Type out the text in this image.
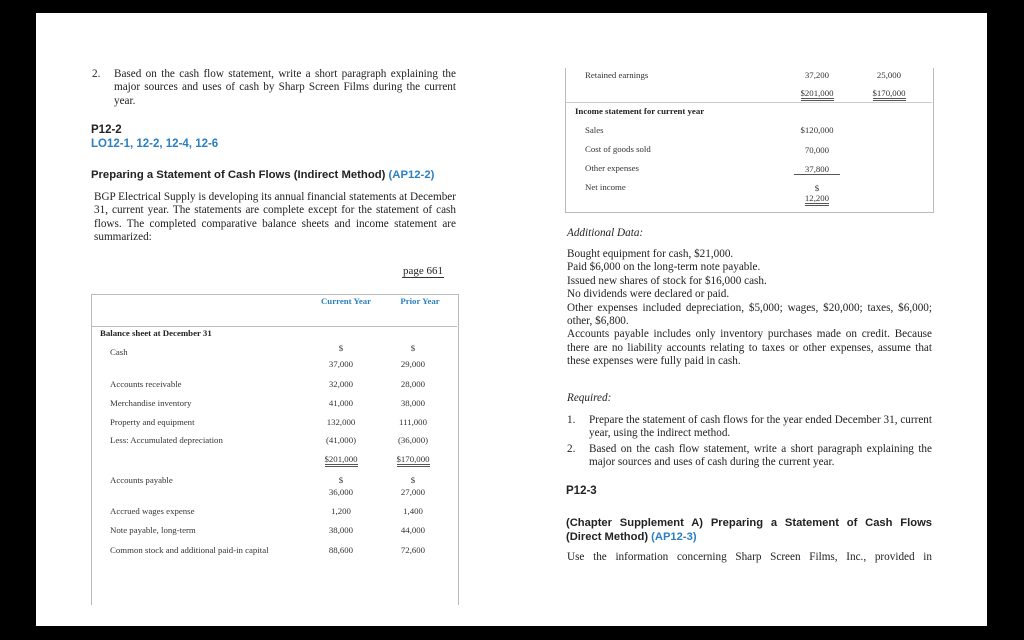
2.	Based on the cash flow statement, write a short paragraph explaining the major sources and uses of cash by Sharp Screen Films during the current year.
P12-2
LO12-1, 12-2, 12-4, 12-6
Preparing a Statement of Cash Flows (Indirect Method) (AP12-2)
BGP Electrical Supply is developing its annual financial statements at December 31, current year. The statements are complete except for the statement of cash flows. The completed comparative balance sheets and income statement are summarized:
page 661
Current Year	Prior Year
Balance sheet at December 31
Cash	$	$
37,000	29,000
Accounts receivable	32,000	28,000
Merchandise inventory	41,000	38,000
Property and equipment	132,000	111,000
Less: Accumulated depreciation	(41,000)	(36,000)
$201,000	$170,000
Accounts payable	$	$
36,000	27,000
Accrued wages expense	1,200	1,400
Note payable, long-term	38,000	44,000
Common stock and additional paid-in capital	88,600	72,600
Retained earnings	37,200	25,000
$201,000	$170,000
Income statement for current year
Sales	$120,000
Cost of goods sold	70,000
Other expenses	37,800
Net income	$
12,200
Additional Data:
Bought equipment for cash, $21,000.
Paid $6,000 on the long-term note payable.
Issued new shares of stock for $16,000 cash.
No dividends were declared or paid.
Other expenses included depreciation, $5,000; wages, $20,000; taxes, $6,000; other, $6,800.
Accounts payable includes only inventory purchases made on credit. Because there are no liability accounts relating to taxes or other expenses, assume that these expenses were fully paid in cash.
Required:
1.	Prepare the statement of cash flows for the year ended December 31, current year, using the indirect method.
2.	Based on the cash flow statement, write a short paragraph explaining the major sources and uses of cash during the current year.
P12-3
(Chapter Supplement A) Preparing a Statement of Cash Flows (Direct Method) (AP12-3)
Use the information concerning Sharp Screen Films, Inc., provided in
